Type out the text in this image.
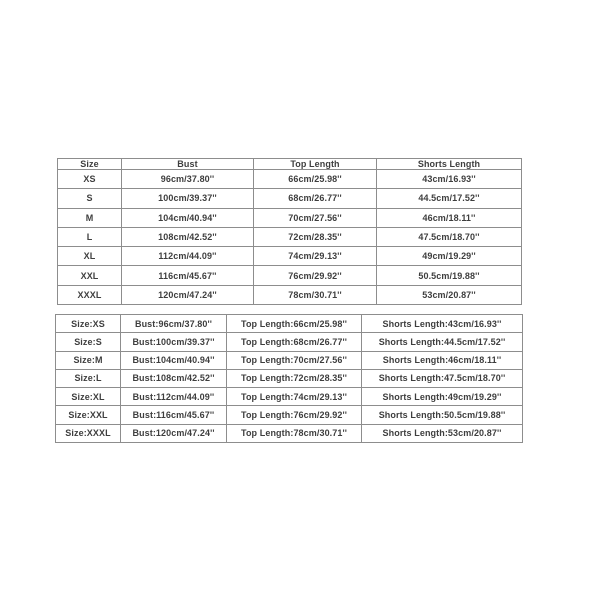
Size	Bust	Top Length	Shorts Length
XS	96cm/37.80''	66cm/25.98''	43cm/16.93''
S	100cm/39.37''	68cm/26.77''	44.5cm/17.52''
M	104cm/40.94''	70cm/27.56''	46cm/18.11''
L	108cm/42.52''	72cm/28.35''	47.5cm/18.70''
XL	112cm/44.09''	74cm/29.13''	49cm/19.29''
XXL	116cm/45.67''	76cm/29.92''	50.5cm/19.88''
XXXL	120cm/47.24''	78cm/30.71''	53cm/20.87''
Size:XS	Bust:96cm/37.80''	Top Length:66cm/25.98''	Shorts Length:43cm/16.93''
Size:S	Bust:100cm/39.37''	Top Length:68cm/26.77''	Shorts Length:44.5cm/17.52''
Size:M	Bust:104cm/40.94''	Top Length:70cm/27.56''	Shorts Length:46cm/18.11''
Size:L	Bust:108cm/42.52''	Top Length:72cm/28.35''	Shorts Length:47.5cm/18.70''
Size:XL	Bust:112cm/44.09''	Top Length:74cm/29.13''	Shorts Length:49cm/19.29''
Size:XXL	Bust:116cm/45.67''	Top Length:76cm/29.92''	Shorts Length:50.5cm/19.88''
Size:XXXL	Bust:120cm/47.24''	Top Length:78cm/30.71''	Shorts Length:53cm/20.87''
